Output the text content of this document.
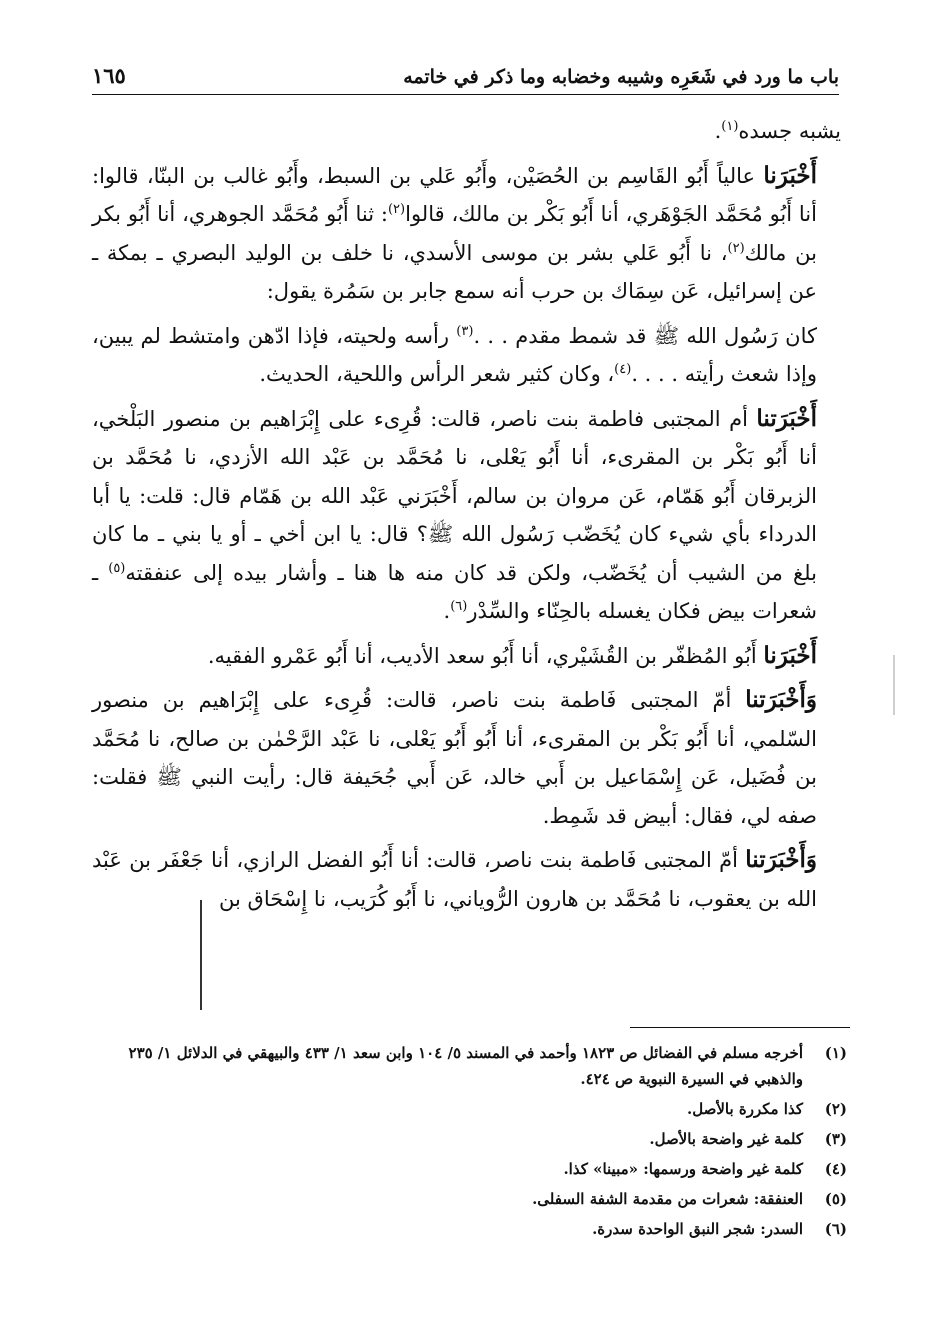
باب ما ورد في شَعَرِه وشيبه وخضابه وما ذكر في خاتمه
١٦٥

يشبه جسده$^{(١)}$.

أَخْبَرَنا عالياً أَبُو القَاسِم بن الحُصَيْن، وأَبُو عَلي بن السبط، وأَبُو غالب بن البنّا، قالوا: أنا أَبُو مُحَمَّد الجَوْهَري، أنا أَبُو بَكْر بن مالك، قالوا$^{(٢)}$: ثنا أَبُو مُحَمَّد الجوهري، أنا أَبُو بكر بن مالك$^{(٢)}$، نا أَبُو عَلي بشر بن موسى الأسدي، نا خلف بن الوليد البصري ـ بمكة ـ عن إسرائيل، عَن سِمَاك بن حرب أنه سمع جابر بن سَمُرة يقول:

كان رَسُول الله ﷺ قد شمط مقدم . . .$^{(٣)}$ رأسه ولحيته، فإذا ادّهن وامتشط لم يبين، وإذا شعث رأيته . . . .$^{(٤)}$، وكان كثير شعر الرأس واللحية، الحديث.

أَخْبَرَتنا أم المجتبى فاطمة بنت ناصر، قالت: قُرِىء على إِبْرَاهيم بن منصور البَلْخي، أنا أَبُو بَكْر بن المقرىء، أنا أَبُو يَعْلى، نا مُحَمَّد بن عَبْد الله الأزدي، نا مُحَمَّد بن الزبرقان أَبُو هَمّام، عَن مروان بن سالم، أَخْبَرَني عَبْد الله بن هَمّام قال: قلت: يا أبا الدرداء بأي شيء كان يُخَضّب رَسُول الله ﷺ؟ قال: يا ابن أخي ـ أو يا بني ـ ما كان بلغ من الشيب أن يُخَضّب، ولكن قد كان منه ها هنا ـ وأشار بيده إلى عنفقته$^{(٥)}$ ـ شعرات بيض فكان يغسله بالحِنّاء والسِّدْر$^{(٦)}$.

أَخْبَرَنا أَبُو المُظفّر بن القُشَيْري، أنا أَبُو سعد الأديب، أنا أَبُو عَمْرو الفقيه.

وَأَخْبَرَتنا أمّ المجتبى فَاطمة بنت ناصر، قالت: قُرِىء على إِبْرَاهيم بن منصور السّلمي، أنا أَبُو بَكْر بن المقرىء، أنا أَبُو أَبُو يَعْلى، نا عَبْد الرَّحْمٰن بن صالح، نا مُحَمَّد بن فُضَيل، عَن إِسْمَاعيل بن أَبي خالد، عَن أَبي جُحَيفة قال: رأيت النبي ﷺ فقلت: صفه لي، فقال: أبيض قد شَمِط.

وَأَخْبَرَتنا أمّ المجتبى فَاطمة بنت ناصر، قالت: أنا أَبُو الفضل الرازي، أنا جَعْفَر بن عَبْد الله بن يعقوب، نا مُحَمَّد بن هارون الرُّوياني، نا أَبُو كُرَيب، نا إِسْحَاق بن

(١)
أخرجه مسلم في الفضائل ص ١٨٢٣ وأحمد في المسند ٥/ ١٠٤ وابن سعد ١/ ٤٣٣ والبيهقي في الدلائل ١/ ٢٣٥ والذهبي في السيرة النبوية ص ٤٢٤.
(٢)
كذا مكررة بالأصل.
(٣)
كلمة غير واضحة بالأصل.
(٤)
كلمة غير واضحة ورسمها: «مبينا» كذا.
(٥)
العنفقة: شعرات من مقدمة الشفة السفلى.
(٦)
السدر: شجر النبق الواحدة سدرة.
